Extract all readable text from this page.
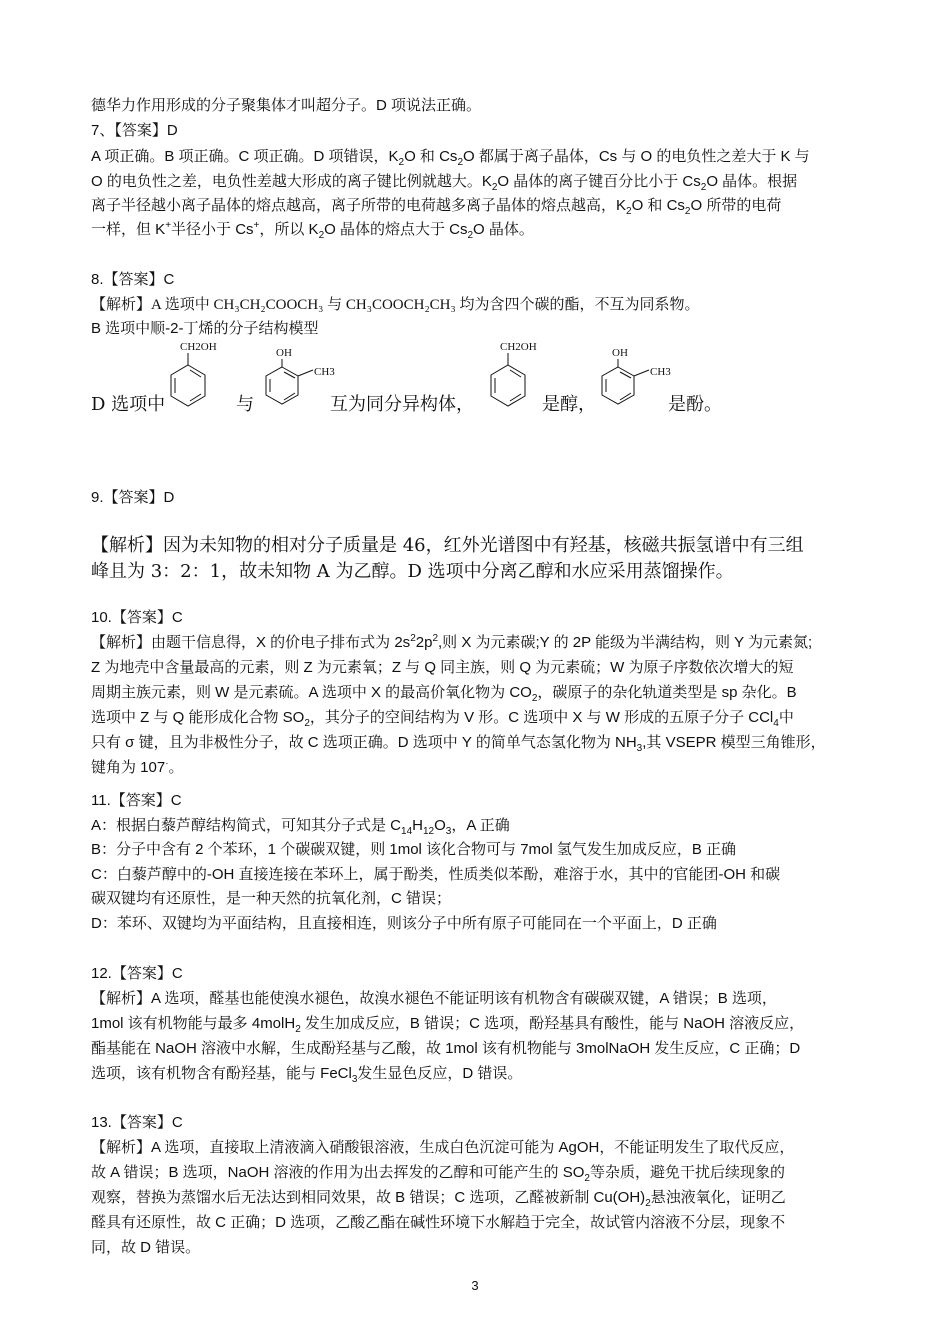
德华力作用形成的分子聚集体才叫超分子。D 项说法正确。
7、【答案】D
A 项正确。B 项正确。C 项正确。D 项错误，$K_2O$ 和 $Cs_2O$ 都属于离子晶体，Cs 与 O 的电负性之差大于 K 与
O 的电负性之差，电负性差越大形成的离子键比例就越大。$K_2O$ 晶体的离子键百分比小于 $Cs_2O$ 晶体。根据
离子半径越小离子晶体的熔点越高，离子所带的电荷越多离子晶体的熔点越高，$K_2O$ 和 $Cs_2O$ 所带的电荷
一样，但 K+半径小于 Cs+，所以 $K_2O$ 晶体的熔点大于 $Cs_2O$ 晶体。
8.【答案】C
【解析】A 选项中 CH₃CH₂COOCH₃ 与 CH₃COOCH₂CH₃ 均为含四个碳的酯，不互为同系物。
B 选项中顺-2-丁烯的分子结构模型
D 选项中	与	互为同分异构体，	是醇，	是酚。
CH2OH	OH
CH3
CH2OH	OH
CH3
9.【答案】D
【解析】因为未知物的相对分子质量是 46，红外光谱图中有羟基，核磁共振氢谱中有三组
峰且为 3：2：1，故未知物 A 为乙醇。D 选项中分离乙醇和水应采用蒸馏操作。
10.【答案】C
【解析】由题干信息得，X 的价电子排布式为 $2s^22p^2$,则 X 为元素碳;Y 的 2P 能级为半满结构，则 Y 为元素氮;
Z 为地壳中含量最高的元素，则 Z 为元素氧；Z 与 Q 同主族，则 Q 为元素硫；W 为原子序数依次增大的短
周期主族元素，则 W 是元素硫。A 选项中 X 的最高价氧化物为 $CO_2$，碳原子的杂化轨道类型是 sp 杂化。B
选项中 Z 与 Q 能形成化合物 $SO_2$，其分子的空间结构为 V 形。C 选项中 X 与 W 形成的五原子分子 CCl$_4$中
只有 σ 键，且为非极性分子，故 C 选项正确。D 选项中 Y 的简单气态氢化物为 $NH_3$,其 VSEPR 模型三角锥形，
键角为 107·。
11.【答案】C
A：根据白藜芦醇结构简式，可知其分子式是 $C_{14}H_{12}O_3$，A 正确
B：分子中含有 2 个苯环，1 个碳碳双键，则 1mol 该化合物可与 7mol 氢气发生加成反应，B 正确
C：白藜芦醇中的-OH 直接连接在苯环上，属于酚类，性质类似苯酚，难溶于水，其中的官能团-OH 和碳
碳双键均有还原性，是一种天然的抗氧化剂，C 错误；
D：苯环、双键均为平面结构，且直接相连，则该分子中所有原子可能同在一个平面上，D 正确
12.【答案】C
【解析】A 选项，醛基也能使溴水褪色，故溴水褪色不能证明该有机物含有碳碳双键，A 错误；B 选项，
1mol 该有机物能与最多 4molH$_2$ 发生加成反应，B 错误；C 选项，酚羟基具有酸性，能与 NaOH 溶液反应，
酯基能在 NaOH 溶液中水解，生成酚羟基与乙酸，故 1mol 该有机物能与 3molNaOH 发生反应，C 正确；D
选项，该有机物含有酚羟基，能与 FeCl$_3$发生显色反应，D 错误。
13.【答案】C
【解析】A 选项，直接取上清液滴入硝酸银溶液，生成白色沉淀可能为 AgOH，不能证明发生了取代反应，
故 A 错误；B 选项，NaOH 溶液的作用为出去挥发的乙醇和可能产生的 $SO_2$等杂质，避免干扰后续现象的
观察，替换为蒸馏水后无法达到相同效果，故 B 错误；C 选项，乙醛被新制 $Cu(OH)_2$悬浊液氧化，证明乙
醛具有还原性，故 C 正确；D 选项，乙酸乙酯在碱性环境下水解趋于完全，故试管内溶液不分层，现象不
同，故 D 错误。
3
